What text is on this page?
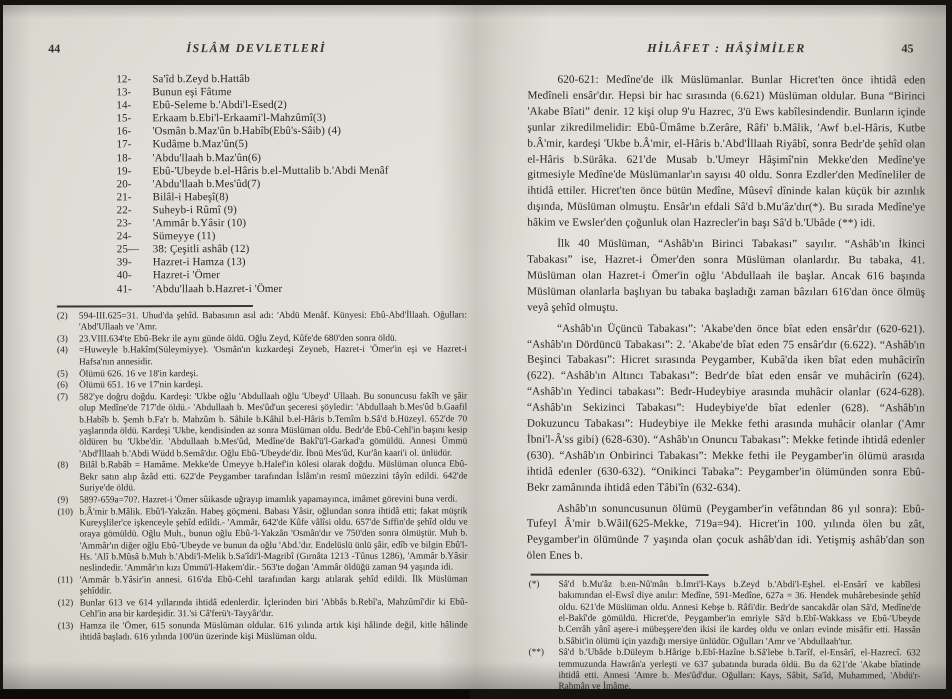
44	İSLÂM DEVLETLERİ
12-	Sa'îd b.Zeyd b.Hattâb
13-	Bunun eşi Fâtıme
14-	Ebû-Seleme b.'Abdi'l-Esed(2)
15-	Erkaam b.Ebi'l-Erkaami'l-Mahzûmî(3)
16-	'Osmân b.Maz'ûn b.Habîb(Ebû's-Sâib) (4)
17-	Kudâme b.Maz'ûn(5)
18-	'Abdu'llaah b.Maz'ûn(6)
19-	Ebû-'Ubeyde b.el-Hâris b.el-Muttalib b.'Abdi Menâf
20-	'Abdu'llaah b.Mes'ûd(7)
21-	Bilâl-i Habeşî(8)
22-	Suheyb-i Rûmî (9)
23-	'Ammâr b.Yâsir (10)
24-	Sümeyye (11)
25—	38: Çeşitli ashâb (12)
39-	Hazret-i Hamza (13)
40-	Hazret-i 'Ömer
41-	'Abdu'llaah b.Hazret-i 'Ömer
(2)	594-III.625=31. Uhud'da şehîd. Babasının asıl adı: 'Abdü Menâf. Künyesi: Ebû-Abd'İllaah. Oğulları: 'Abd'Ullaah ve 'Amr.
(3)	23.VIII.634'te Ebû-Bekr ile aynı günde öldü. Oğlu Zeyd, Kûfe'de 680'den sonra öldü.
(4)	=Huweyle b.Hakîm(Süleymiyye). 'Osmân'ın kızkardeşi Zeyneb, Hazret-i 'Ömer'in eşi ve Hazret-i Hafsa'nın annesidir.
(5)	Ölümü 626. 16 ve 18'in kardeşi.
(6)	Ölümü 651. 16 ve 17'nin kardeşi.
(7)	582'ye doğru doğdu. Kardeşi: 'Ukbe oğlu 'Abdullaah oğlu 'Ubeyd' Ullaah. Bu sonuncusu fakîh ve şâir olup Medîne'de 717'de öldü.- 'Abdullaah b. Mes'ûd'un şeceresi şöyledir: 'Abdullaah b.Mes'ûd b.Gaafil b.Habîb b. Şemh b.Fa'r b. Mahzûm b. Sâhile b.Kâhil b.el-Hâris b.Temîm b.Sâ'd b.Hüzeyl. 652'de 70 yaşlarında öldü. Kardeşi 'Ukbe, kendisinden az sonra Müslüman oldu. Bedr'de Ebû-Cehl'in başını kesip öldüren bu 'Ukbe'dir. 'Abdullaah b.Mes'ûd, Medîne'de Bakî'ü'l-Garkad'a gömüldü. Annesi Ümmü 'Abd'İllaah b.'Abdi Wüdd b.Semâ'dır. Oğlu Ebû-'Ubeyde'dir. İbnü Mes'ûd, Kur'ân kaari'i ol. ünlüdür.
(8)	Bilâl b.Rabâb = Hamâme. Mekke'de Ümeyye b.Halef'in kölesi olarak doğdu. Müslüman olunca Ebû-Bekr satın alıp âzâd etti. 622'de Peygamber tarafından İslâm'ın resmî müezzini tâyîn edildi. 642'de Suriye'de öldü.
(9)	589?-659a=70?. Hazret-i 'Ömer sûikasde uğrayıp imamlık yapamayınca, imâmet görevini buna verdi.
(10) b.Â'mir b.Mâlik. Ebû'l-Yakzân. Habeş göçmeni. Babası Yâsir, oğlundan sonra ihtidâ etti; fakat müşrik Kureyşliler'ce işkenceyle şehîd edildi.- 'Ammâr, 642'de Kûfe vâlîsi oldu. 657'de Sıffin'de şehîd oldu ve oraya gömüldü. Oğlu Muh., bunun oğlu Ebû-'l-Yakzân 'Osmân'dır ve 750'den sonra ölmüştür. Muh b. 'Ammâr'ın diğer oğlu Ebû-'Ubeyde ve bunun da oğlu 'Abd.'dır. Endelüslü ünlü şâir, edîb ve bilgin Ebû'l-Hs. 'Alî b.Mûsâ b.Muh b.'Abdi'l-Melik b.Sa'îdi'l-Magribî (Gırnâta 1213 -Tûnus 1286), 'Ammâr b.Yâsir neslindedir. 'Ammâr'ın kızı Ümmü'l-Hakem'dir.- 563'te doğan 'Ammâr öldüğü zaman 94 yaşında idi.
(11) 'Ammâr b.Yâsir'in annesi. 616'da Ebû-Cehl tarafından kargı atılarak şehîd edildi. İlk Müslüman şehîddir.
(12) Bunlar 613 ve 614 yıllarında ihtidâ edenlerdir. İçlerinden biri 'Abbâs b.Rebî'a, Mahzûmî'dir ki Ebû-Cehl'in ana bir kardeşidir. 31.'si Câ'ferü't-Tayyâr'dır.
(13) Hamza ile 'Ömer, 615 sonunda Müslüman oldular. 616 yılında artık kişi hâlinde değil, kitle hâlinde ihtidâ başladı. 616 yılında 100'ün üzerinde kişi Müslüman oldu.
HİLÂFET : HÂŞİMİLER	45

620-621: Medîne'de ilk Müslümanlar. Bunlar Hicret'ten önce ihtidâ eden Medîneli ensâr'dır. Hepsi bir hac sırasında (6.621) Müslüman oldular. Buna “Birinci 'Akabe Bîati” denir. 12 kişi olup 9'u Hazrec, 3'ü Ews kabîlesindendir. Bunların içinde şunlar zikredilmelidir: Ebû-Ümâme b.Zerâre, Râfi' b.Mâlik, 'Awf b.el-Hâris, Kutbe b.Â'mir, kardeşi 'Ukbe b.Â'mir, el-Hâris b.'Abd'İllaah Riyâbî, sonra Bedr'de şehîd olan el-Hâris b.Sürâka. 621'de Musab b.'Umeyr Hâşimî'nin Mekke'den Medîne'ye gitmesiyle Medîne'de Müslümanlar'ın sayısı 40 oldu. Sonra Ezdler'den Medîneliler de ihtidâ ettiler. Hicret'ten önce bütün Medîne, Mûsevî dîninde kalan küçük bir azınlık dışında, Müslüman olmuştu. Ensâr'ın efdali Sâ'd b.Mu'âz'dır(*). Bu sırada Medîne'ye hâkim ve Ewsler'den çoğunluk olan Hazrecler'in başı Sâ'd b.'Ubâde (**) idi.

İlk 40 Müslüman, “Ashâb'ın Birinci Tabakası” sayılır. “Ashâb'ın İkinci Tabakası” ise, Hazret-i Ömer'den sonra Müslüman olanlardır. Bu tabaka, 41. Müslüman olan Hazret-i Ömer'in oğlu 'Abdullaah ile başlar. Ancak 616 başında Müslüman olanlarla başlıyan bu tabaka başladığı zaman bâzıları 616'dan önce ölmüş veyâ şehîd olmuştu.

“Ashâb'ın Üçüncü Tabakası”: 'Akabe'den önce bîat eden ensâr'dır (620-621). “Ashâb'ın Dördüncü Tabakası”: 2. 'Akabe'de bîat eden 75 ensâr'dır (6.622). “Ashâb'ın Beşinci Tabakası”: Hicret sırasında Peygamber, Kubâ'da iken bîat eden muhâcirîn (622). “Ashâb'ın Altıncı Tabakası”: Bedr'de bîat eden ensâr ve muhâcirîn (624). “Ashâb'ın Yedinci tabakası”: Bedr-Hudeybiye arasında muhâcir olanlar (624-628). “Ashâb'ın Sekizinci Tabakası”: Hudeybiye'de bîat edenler (628). “Ashâb'ın Dokuzuncu Tabakası”: Hudeybiye ile Mekke fethi arasında muhâcir olanlar ('Amr İbni'l-Â'ss gibi) (628-630). “Ashâb'ın Onuncu Tabakası”: Mekke fetinde ihtidâ edenler (630). “Ashâb'ın Onbirinci Tabakası”: Mekke fethi ile Peygamber'in ölümü arasıda ihtidâ edenler (630-632). “Onikinci Tabaka”: Peygamber'in ölümünden sonra Ebû-Bekr zamânında ihtidâ eden Tâbi'în (632-634).

Ashâb'ın sonuncusunun ölümü (Peygamber'in vefâtından 86 yıl sonra): Ebû-Tufeyl Â'mir b.Wâil(625-Mekke, 719a=94). Hicret'in 100. yılında ölen bu zât, Peygamber'in ölümünde 7 yaşında olan çocuk ashâb'dan idi. Yetişmiş ashâb'dan son ölen Enes b.

(*)	Sâ'd b.Mu'âz b.en-Nû'mân b.İmri'l-Kays b.Zeyd b.'Abdi'l-Eşhel. el-Ensârî ve kabîlesi bakımından el-Ewsî diye anılır: Medîne, 591-Medîne, 627a = 36. Hendek muhârebesinde şehîd oldu. 621'de Müslüman oldu. Annesi Kebşe b. Râfi'dir. Bedr'de sancakdâr olan Sâ'd, Medîne'de el-Bakî'de gömüldü. Hicret'de, Peygamber'in emriyle Sâ'd b.Ebî-Wakkass ve Ebû-'Ubeyde b.Cerrâh yânî aşere-i mübeşşere'den ikisi ile kardeş oldu ve onları evinde misâfir etti. Hassân b.Sâbit'in ölümü için yazdığı mersiye ünlüdür. Oğulları 'Amr ve 'Abdullaah'tur.
(**)	Sâ'd b.'Ubâde b.Düleym b.Hârige b.Ebî-Hazîne b.Sâ'lebe b.Tarîf, el-Ensârî, el-Hazrecî. 632 temmuzunda Hawrân'a yerleşti ve 637 şubatında burada öldü. Bu da 621'de 'Akabe bîatinde ihtidâ etti. Annesi 'Amre b. Mes'ûd'dur. Oğulları: Kays, Sâbit, Sa'îd, Muhammed, 'Abdü'r-Rahmân ve İmâme.
